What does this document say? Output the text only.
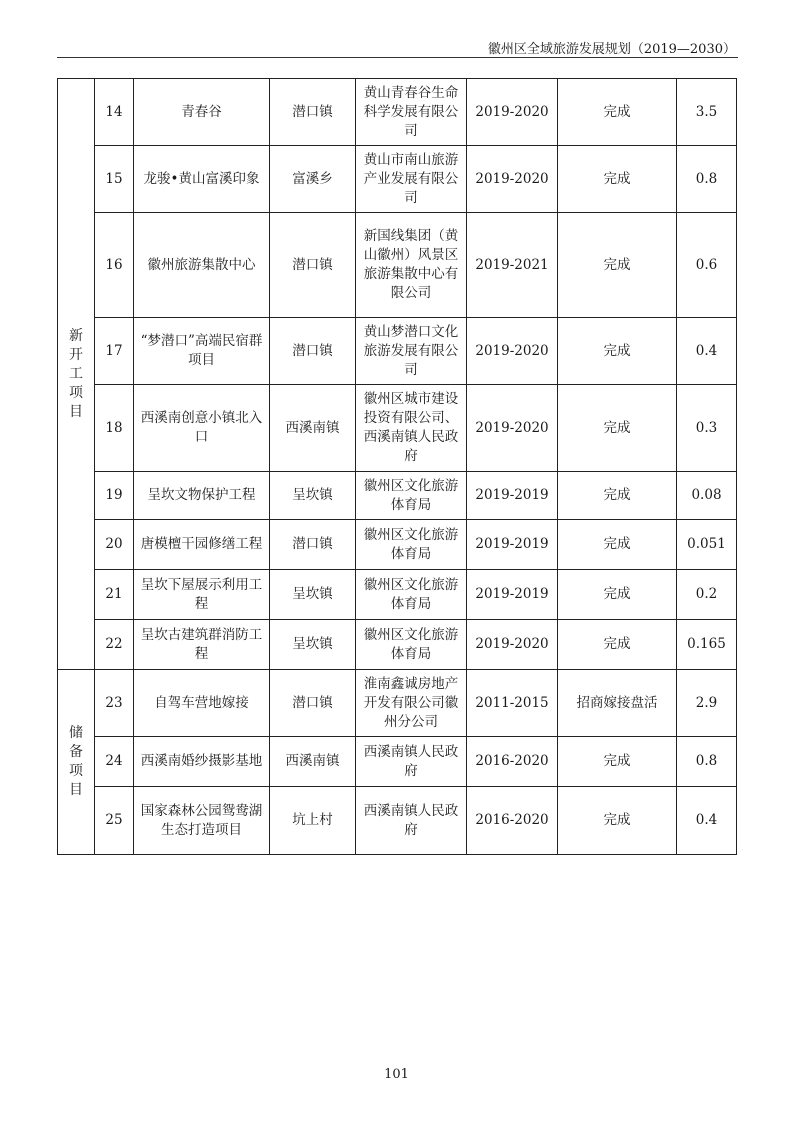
徽州区全域旅游发展规划（2019—2030）
新开工项目	14	青春谷	潜口镇	黄山青春谷生命科学发展有限公司	2019-2020	完成	3.5
	15	龙骏•黄山富溪印象	富溪乡	黄山市南山旅游产业发展有限公司	2019-2020	完成	0.8
	16	徽州旅游集散中心	潜口镇	新国线集团（黄山徽州）风景区旅游集散中心有限公司	2019-2021	完成	0.6
	17	“梦潜口”高端民宿群项目	潜口镇	黄山梦潜口文化旅游发展有限公司	2019-2020	完成	0.4
	18	西溪南创意小镇北入口	西溪南镇	徽州区城市建设投资有限公司、西溪南镇人民政府	2019-2020	完成	0.3
	19	呈坎文物保护工程	呈坎镇	徽州区文化旅游体育局	2019-2019	完成	0.08
	20	唐模檀干园修缮工程	潜口镇	徽州区文化旅游体育局	2019-2019	完成	0.051
	21	呈坎下屋展示利用工程	呈坎镇	徽州区文化旅游体育局	2019-2019	完成	0.2
	22	呈坎古建筑群消防工程	呈坎镇	徽州区文化旅游体育局	2019-2020	完成	0.165

储备项目	23	自驾车营地嫁接	潜口镇	淮南鑫诚房地产开发有限公司徽州分公司	2011-2015	招商嫁接盘活	2.9
	24	西溪南婚纱摄影基地	西溪南镇	西溪南镇人民政府	2016-2020	完成	0.8
	25	国家森林公园鸳鸯湖生态打造项目	坑上村	西溪南镇人民政府	2016-2020	完成	0.4
101
